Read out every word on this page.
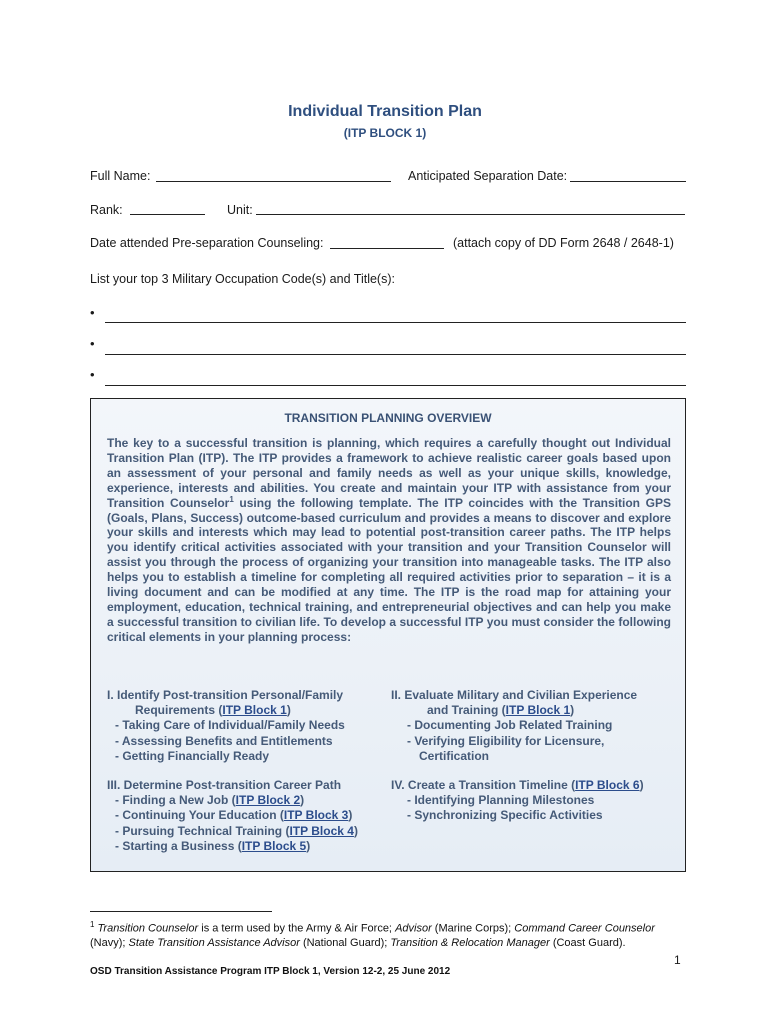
Individual Transition Plan
(ITP BLOCK 1)
Full Name:	Anticipated Separation Date:
Rank:	Unit:
Date attended Pre-separation Counseling:	(attach copy of DD Form 2648 / 2648-1)
List your top 3 Military Occupation Code(s) and Title(s):
•
•
•
TRANSITION PLANNING OVERVIEW
The key to a successful transition is planning, which requires a carefully thought out Individual Transition Plan (ITP). The ITP provides a framework to achieve realistic career goals based upon an assessment of your personal and family needs as well as your unique skills, knowledge, experience, interests and abilities. You create and maintain your ITP with assistance from your Transition Counselor$^1$ using the following template. The ITP coincides with the Transition GPS (Goals, Plans, Success) outcome-based curriculum and provides a means to discover and explore your skills and interests which may lead to potential post-transition career paths. The ITP helps you identify critical activities associated with your transition and your Transition Counselor will assist you through the process of organizing your transition into manageable tasks. The ITP also helps you to establish a timeline for completing all required activities prior to separation – it is a living document and can be modified at any time. The ITP is the road map for attaining your employment, education, technical training, and entrepreneurial objectives and can help you make a successful transition to civilian life. To develop a successful ITP you must consider the following critical elements in your planning process:
I. Identify Post-transition Personal/Family
Requirements (ITP Block 1)
- Taking Care of Individual/Family Needs
- Assessing Benefits and Entitlements
- Getting Financially Ready
II. Evaluate Military and Civilian Experience
and Training (ITP Block 1)
- Documenting Job Related Training
- Verifying Eligibility for Licensure,
Certification
III. Determine Post-transition Career Path
- Finding a New Job (ITP Block 2)
- Continuing Your Education (ITP Block 3)
- Pursuing Technical Training (ITP Block 4)
- Starting a Business (ITP Block 5)
IV. Create a Transition Timeline (ITP Block 6)
- Identifying Planning Milestones
- Synchronizing Specific Activities
$^1$ Transition Counselor is a term used by the Army & Air Force; Advisor (Marine Corps); Command Career Counselor (Navy); State Transition Assistance Advisor (National Guard); Transition & Relocation Manager (Coast Guard).
1
OSD Transition Assistance Program ITP Block 1, Version 12-2, 25 June 2012
